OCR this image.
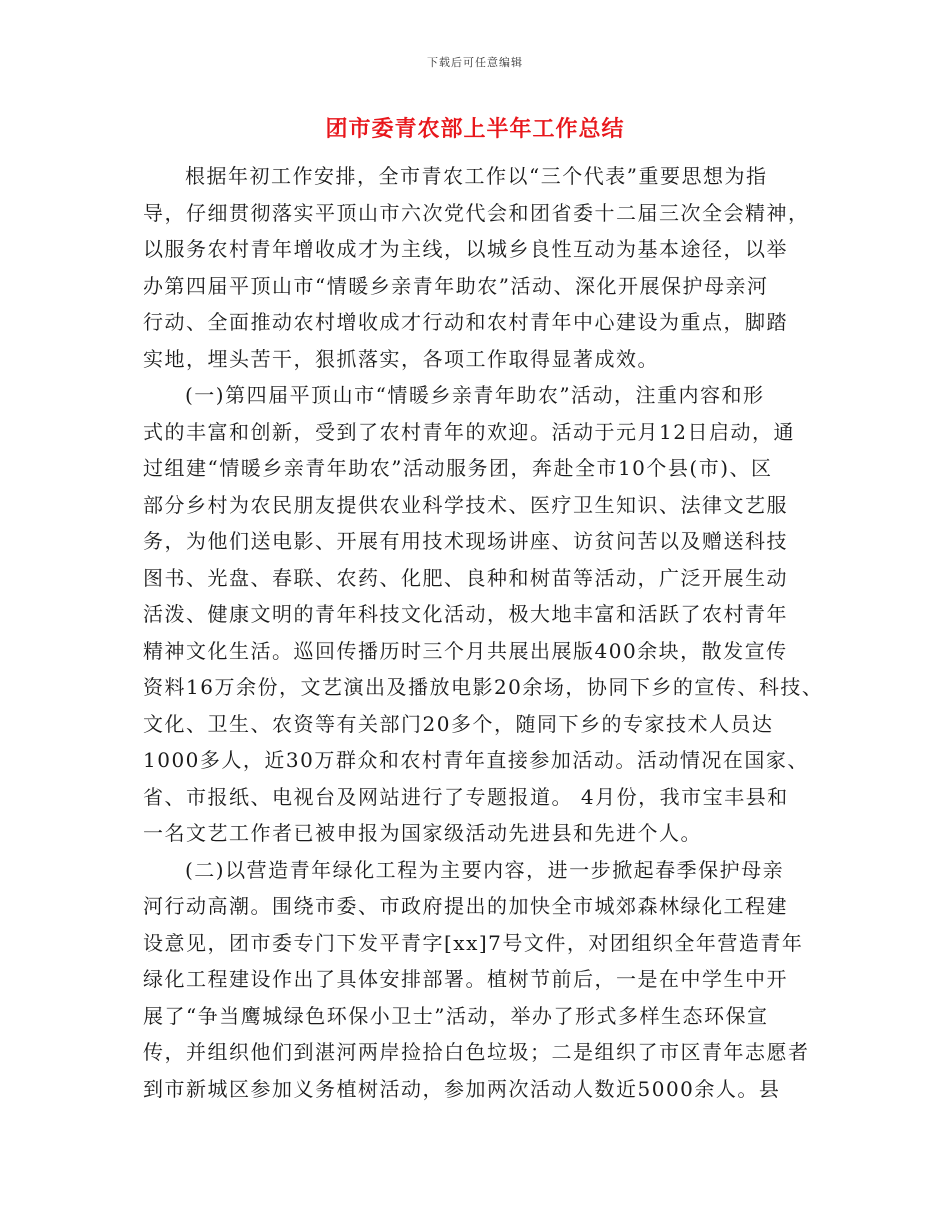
下载后可任意编辑
团市委青农部上半年工作总结
根据年初工作安排，全市青农工作以“三个代表”重要思想为指
导，仔细贯彻落实平顶山市六次党代会和团省委十二届三次全会精神，
以服务农村青年增收成才为主线，以城乡良性互动为基本途径，以举
办第四届平顶山市“情暖乡亲青年助农”活动、深化开展保护母亲河
行动、全面推动农村增收成才行动和农村青年中心建设为重点，脚踏
实地，埋头苦干，狠抓落实，各项工作取得显著成效。
(一)第四届平顶山市“情暖乡亲青年助农”活动，注重内容和形
式的丰富和创新，受到了农村青年的欢迎。活动于元月12日启动，通
过组建“情暖乡亲青年助农”活动服务团，奔赴全市10个县(市)、区
部分乡村为农民朋友提供农业科学技术、医疗卫生知识、法律文艺服
务，为他们送电影、开展有用技术现场讲座、访贫问苦以及赠送科技
图书、光盘、春联、农药、化肥、良种和树苗等活动，广泛开展生动
活泼、健康文明的青年科技文化活动，极大地丰富和活跃了农村青年
精神文化生活。巡回传播历时三个月共展出展版400余块，散发宣传
资料16万余份，文艺演出及播放电影20余场，协同下乡的宣传、科技、
文化、卫生、农资等有关部门20多个，随同下乡的专家技术人员达
1000多人，近30万群众和农村青年直接参加活动。活动情况在国家、
省、市报纸、电视台及网站进行了专题报道。 4月份，我市宝丰县和
一名文艺工作者已被申报为国家级活动先进县和先进个人。
(二)以营造青年绿化工程为主要内容，进一步掀起春季保护母亲
河行动高潮。围绕市委、市政府提出的加快全市城郊森林绿化工程建
设意见，团市委专门下发平青字[xx]7号文件，对团组织全年营造青年
绿化工程建设作出了具体安排部署。植树节前后，一是在中学生中开
展了“争当鹰城绿色环保小卫士”活动，举办了形式多样生态环保宣
传，并组织他们到湛河两岸捡拾白色垃圾；二是组织了市区青年志愿者
到市新城区参加义务植树活动，参加两次活动人数近5000余人。县
